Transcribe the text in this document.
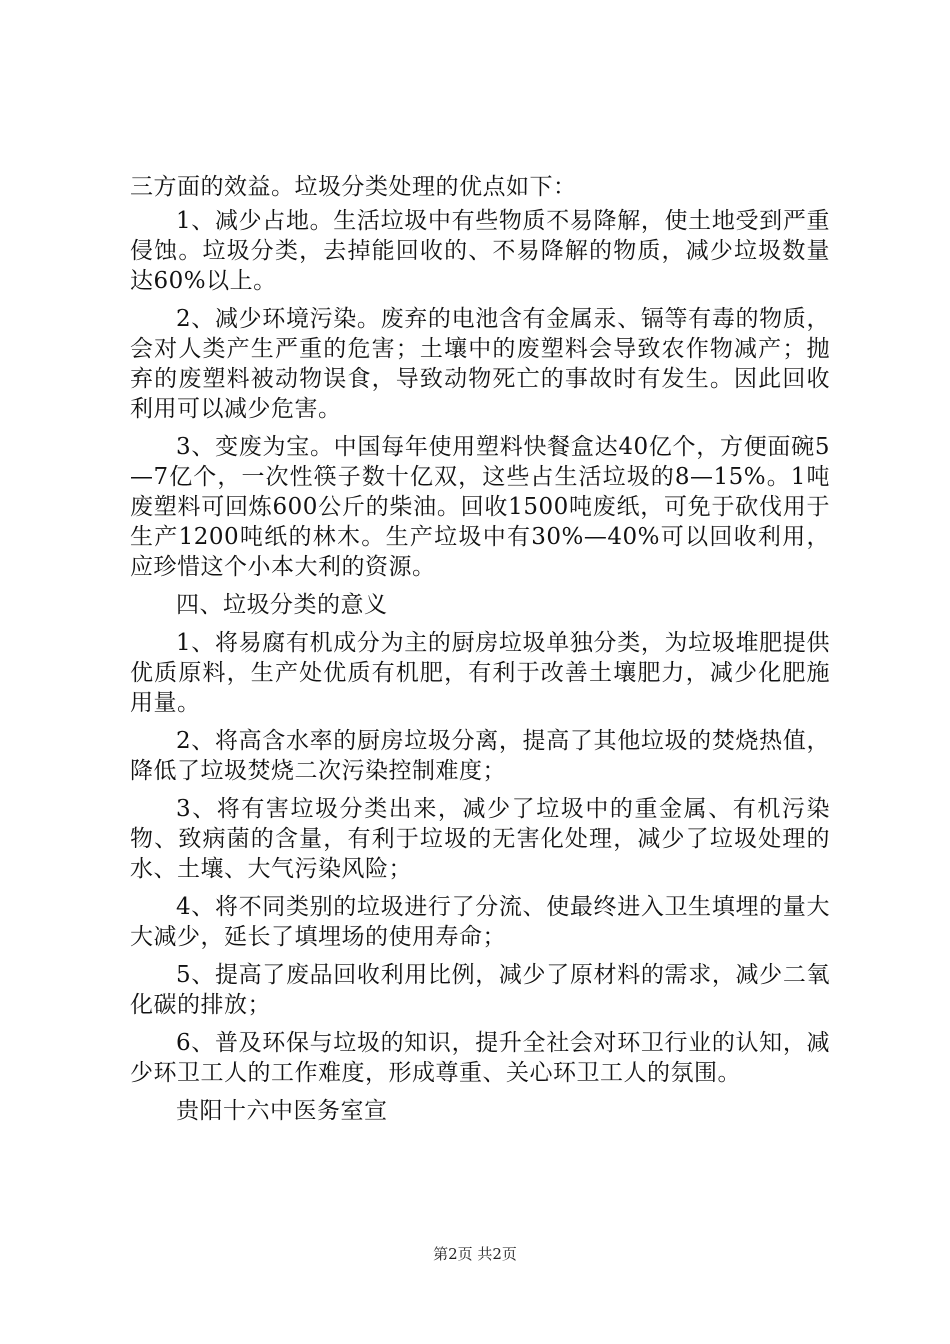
三方面的效益。垃圾分类处理的优点如下：

1、减少占地。生活垃圾中有些物质不易降解，使土地受到严重侵蚀。垃圾分类，去掉能回收的、不易降解的物质，减少垃圾数量达60%以上。

2、减少环境污染。废弃的电池含有金属汞、镉等有毒的物质，会对人类产生严重的危害；土壤中的废塑料会导致农作物减产；抛弃的废塑料被动物误食，导致动物死亡的事故时有发生。因此回收利用可以减少危害。

3、变废为宝。中国每年使用塑料快餐盒达40亿个，方便面碗5—7亿个，一次性筷子数十亿双，这些占生活垃圾的8—15%。1吨废塑料可回炼600公斤的柴油。回收1500吨废纸，可免于砍伐用于生产1200吨纸的林木。生产垃圾中有30%—40%可以回收利用，应珍惜这个小本大利的资源。

四、垃圾分类的意义

1、将易腐有机成分为主的厨房垃圾单独分类，为垃圾堆肥提供优质原料，生产处优质有机肥，有利于改善土壤肥力，减少化肥施用量。

2、将高含水率的厨房垃圾分离，提高了其他垃圾的焚烧热值，降低了垃圾焚烧二次污染控制难度；

3、将有害垃圾分类出来，减少了垃圾中的重金属、有机污染物、致病菌的含量，有利于垃圾的无害化处理，减少了垃圾处理的水、土壤、大气污染风险；

4、将不同类别的垃圾进行了分流、使最终进入卫生填埋的量大大减少，延长了填埋场的使用寿命；

5、提高了废品回收利用比例，减少了原材料的需求，减少二氧化碳的排放；

6、普及环保与垃圾的知识，提升全社会对环卫行业的认知，减少环卫工人的工作难度，形成尊重、关心环卫工人的氛围。

贵阳十六中医务室宣

第2页 共2页
